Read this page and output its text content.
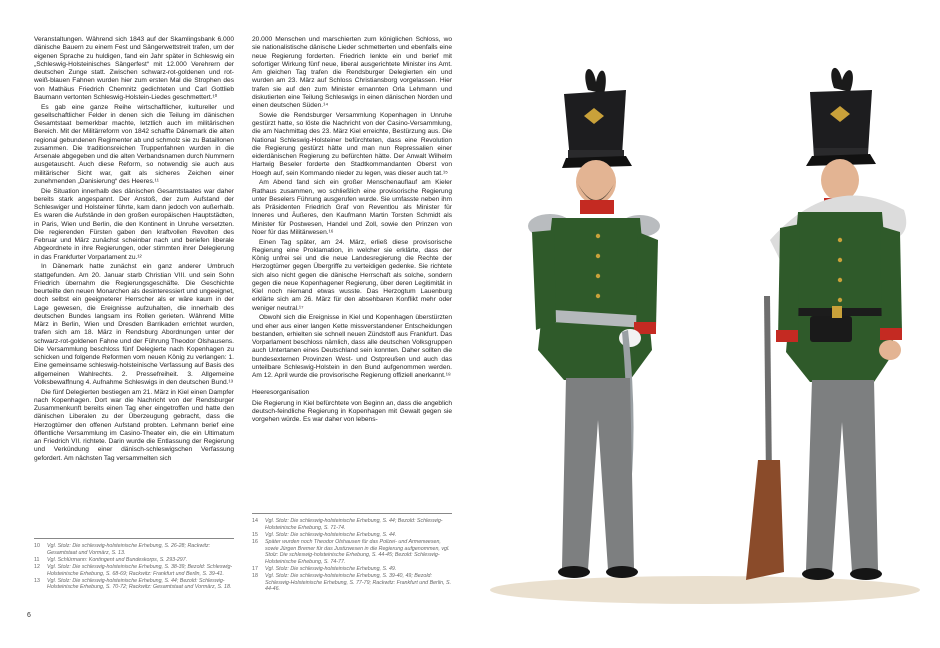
Veranstaltungen. Während sich 1843 auf der Skamlingsbank 6.000 dänische Bauern zu einem Fest und Sängerwettstreit trafen, um der eigenen Sprache zu huldigen, fand ein Jahr später in Schleswig ein „Schleswig-Holsteinisches Sängerfest“ mit 12.000 Verehrern der deutschen Zunge statt. Zwischen schwarz-rot-goldenen und rot-weiß-blauen Fahnen wurden hier zum ersten Mal die Strophen des von Mathäus Friedrich Chemnitz gedichteten und Carl Gottlieb Baumann vertonten Schleswig-Holstein-Liedes geschmettert.¹⁰

Es gab eine ganze Reihe wirtschaftlicher, kultureller und gesellschaftlicher Felder in denen sich die Teilung im dänischen Gesamtstaat bemerkbar machte, letztlich auch im militärischen Bereich. Mit der Militärreform von 1842 schaffte Dänemark die alten regional gebundenen Regimenter ab und schmolz sie zu Bataillonen zusammen. Die traditionsreichen Truppenfahnen wurden in die Arsenale abgegeben und die alten Verbandsnamen durch Nummern ausgetauscht. Auch diese Reform, so notwendig sie auch aus militärischer Sicht war, galt als sicheres Zeichen einer zunehmenden „Danisierung“ des Heeres.¹¹

Die Situation innerhalb des dänischen Gesamtstaates war daher bereits stark angespannt. Der Anstoß, der zum Aufstand der Schleswiger und Holsteiner führte, kam dann jedoch von außerhalb. Es waren die Aufstände in den großen europäischen Hauptstädten, in Paris, Wien und Berlin, die den Kontinent in Unruhe versetzten. Die regierenden Fürsten gaben den kraftvollen Revolten des Februar und März zunächst scheinbar nach und beriefen liberale Abgeordnete in ihre Regierungen, oder stimmten ihrer Delegierung in das Frankfurter Vorparlament zu.¹²

In Dänemark hatte zunächst ein ganz anderer Umbruch stattgefunden. Am 20. Januar starb Christian VIII. und sein Sohn Friedrich übernahm die Regierungsgeschäfte. Die Geschichte beurteilte den neuen Monarchen als desinteressiert und ungeeignet, doch selbst ein geeigneterer Herrscher als er wäre kaum in der Lage gewesen, die Ereignisse aufzuhalten, die innerhalb des deutschen Bundes langsam ins Rollen gerieten. Während Mitte März in Berlin, Wien und Dresden Barrikaden errichtet wurden, trafen sich am 18. März in Rendsburg Abordnungen unter der schwarz-rot-goldenen Fahne und der Führung Theodor Olshausens. Die Versammlung beschloss fünf Delegierte nach Kopenhagen zu schicken und folgende Reformen vom neuen König zu verlangen: 1. Eine gemeinsame schleswig-holsteinische Verfassung auf Basis des allgemeinen Wahlrechts. 2. Pressefreiheit. 3. Allgemeine Volksbewaffnung 4. Aufnahme Schleswigs in den deutschen Bund.¹³

Die fünf Delegierten bestiegen am 21. März in Kiel einen Dampfer nach Kopenhagen. Dort war die Nachricht von der Rendsburger Zusammenkunft bereits einen Tag eher eingetroffen und hatte den dänischen Liberalen zu der Überzeugung gebracht, dass die Herzogtümer den offenen Aufstand probten. Lehmann berief eine öffentliche Versammlung im Casino-Theater ein, die ein Ultimatum an Friedrich VII. richtete. Darin wurde die Entlassung der Regierung und Verkündung einer dänisch-schleswigschen Verfassung gefordert. Am nächsten Tag versammelten sich

20.000 Menschen und marschierten zum königlichen Schloss, wo sie nationalistische dänische Lieder schmetterten und ebenfalls eine neue Regierung forderten. Friedrich lenkte ein und berief mit sofortiger Wirkung fünf neue, liberal ausgerichtete Minister ins Amt. Am gleichen Tag trafen die Rendsburger Delegierten ein und wurden am 23. März auf Schloss Christiansborg vorgelassen. Hier trafen sie auf den zum Minister ernannten Orla Lehmann und diskutierten eine Teilung Schleswigs in einen dänischen Norden und einen deutschen Süden.¹⁴

Sowie die Rendsburger Versammlung Kopenhagen in Unruhe gestürzt hatte, so löste die Nachricht von der Casino-Versammlung, die am Nachmittag des 23. März Kiel erreichte, Bestürzung aus. Die National Schleswig-Holsteiner befürchteten, dass eine Revolution die Regierung gestürzt hätte und man nun Repressalien einer eiderdänischen Regierung zu befürchten hätte. Der Anwalt Wilhelm Hartwig Beseler forderte den Stadtkommandanten Oberst von Hoegh auf, sein Kommando nieder zu legen, was dieser auch tat.¹⁵

Am Abend fand sich ein großer Menschenauflauf am Kieler Rathaus zusammen, wo schließlich eine provisorische Regierung unter Beselers Führung ausgerufen wurde. Sie umfasste neben ihm als Präsidenten Friedrich Graf von Reventlou als Minister für Inneres und Äußeres, den Kaufmann Martin Torsten Schmidt als Minister für Postwesen, Handel und Zoll, sowie den Prinzen von Noer für das Militärwesen.¹⁶

Einen Tag später, am 24. März, erließ diese provisorische Regierung eine Proklamation, in welcher sie erklärte, dass der König unfrei sei und die neue Landesregierung die Rechte der Herzogtümer gegen Übergriffe zu verteidigen gedenke. Sie richtete sich also nicht gegen die dänische Herrschaft als solche, sondern gegen die neue Kopenhagener Regierung, über deren Legitimität in Kiel noch niemand etwas wusste. Das Herzogtum Lauenburg erklärte sich am 26. März für den absehbaren Konflikt mehr oder weniger neutral.¹⁷

Obwohl sich die Ereignisse in Kiel und Kopenhagen überstürzten und eher aus einer langen Kette missverstandener Entscheidungen bestanden, erhielten sie schnell neuen Zündstoff aus Frankfurt. Das Vorparlament beschloss nämlich, dass alle deutschen Volksgruppen auch Untertanen eines Deutschland sein konnten. Daher sollten die bundesexternen Provinzen West- und Ostpreußen und auch das unteilbare Schleswig-Holstein in den Bund aufgenommen werden. Am 12. April wurde die provisorische Regierung offiziell anerkannt.¹⁸

Heeresorganisation

Die Regierung in Kiel befürchtete von Beginn an, dass die angeblich deutsch-feindliche Regierung in Kopenhagen mit Gewalt gegen sie vorgehen würde. Es war daher von lebens-

10	Vgl. Stolz: Die schleswig-holsteinische Erhebung, S. 26-28; Rackwitz: Gesamtstaat und Vormärz, S. 13.
11	Vgl. Schlürmann: Kontingent und Bundeskorps, S. 293-297.
12	Vgl. Stolz: Die schleswig-holsteinische Erhebung, S. 38-39; Bezold: Schleswig-Holsteinische Erhebung, S. 68-69; Rackwitz: Frankfurt und Berlin, S. 39-41.
13	Vgl. Stolz: Die schleswig-holsteinische Erhebung, S. 44; Bezold: Schleswig-Holsteinische Erhebung, S. 70-72; Rackwitz: Gesamtstaat und Vormärz, S. 18.
14	Vgl. Stolz: Die schleswig-holsteinische Erhebung, S. 44; Bezold: Schleswig-Holsteinische Erhebung, S. 71-74.
15	Vgl. Stolz: Die schleswig-holsteinische Erhebung, S. 44.
16	Später wurden noch Theodor Olshausen für das Polizei- und Armenwesen, sowie Jürgen Bremer für das Justizwesen in die Regierung aufgenommen, vgl. Stolz: Die schleswig-holsteinische Erhebung, S. 44-45; Bezold: Schleswig-Holsteinische Erhebung, S. 74-77.
17	Vgl. Stolz: Die schleswig-holsteinische Erhebung, S. 49.
18	Vgl. Stolz: Die schleswig-holsteinische Erhebung, S. 39-40, 49; Bezold: Schleswig-Holsteinische Erhebung, S. 77-79; Rackwitz: Frankfurt und Berlin, S. 44-46.
6
